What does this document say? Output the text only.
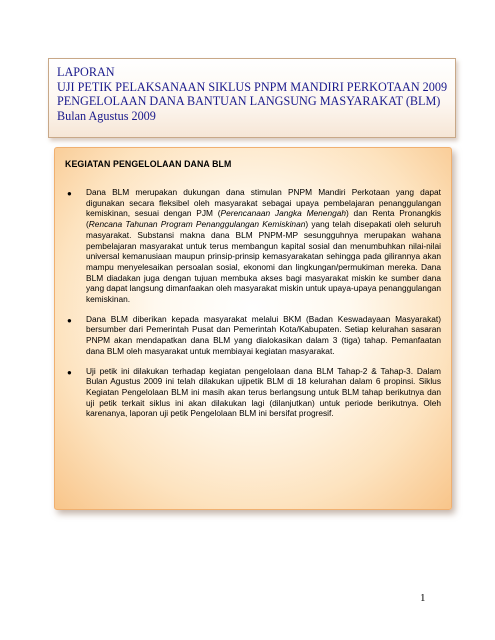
LAPORAN
UJI PETIK PELAKSANAAN SIKLUS PNPM MANDIRI PERKOTAAN 2009
PENGELOLAAN DANA BANTUAN LANGSUNG MASYARAKAT (BLM)
Bulan Agustus 2009
KEGIATAN PENGELOLAAN DANA BLM
● Dana BLM merupakan dukungan dana stimulan PNPM Mandiri Perkotaan yang dapat digunakan secara fleksibel oleh masyarakat sebagai upaya pembelajaran penanggulangan kemiskinan, sesuai dengan PJM (Perencanaan Jangka Menengah) dan Renta Pronangkis (Rencana Tahunan Program Penanggulangan Kemiskinan) yang telah disepakati oleh seluruh masyarakat. Substansi makna dana BLM PNPM-MP sesungguhnya merupakan wahana pembelajaran masyarakat untuk terus membangun kapital sosial dan menumbuhkan nilai-nilai universal kemanusiaan maupun prinsip-prinsip kemasyarakatan sehingga pada gilirannya akan mampu menyelesaikan persoalan sosial, ekonomi dan lingkungan/permukiman mereka. Dana BLM diadakan juga dengan tujuan membuka akses bagi masyarakat miskin ke sumber dana yang dapat langsung dimanfaakan oleh masyarakat miskin untuk upaya-upaya penanggulangan kemiskinan.
● Dana BLM diberikan kepada masyarakat melalui BKM (Badan Keswadayaan Masyarakat) bersumber dari Pemerintah Pusat dan Pemerintah Kota/Kabupaten. Setiap kelurahan sasaran PNPM akan mendapatkan dana BLM yang dialokasikan dalam 3 (tiga) tahap. Pemanfaatan dana BLM oleh masyarakat untuk membiayai kegiatan masyarakat.
● Uji petik ini dilakukan terhadap kegiatan pengelolaan dana BLM Tahap-2 & Tahap-3. Dalam Bulan Agustus 2009 ini telah dilakukan ujipetik BLM di 18 kelurahan dalam 6 propinsi. Siklus Kegiatan Pengelolaan BLM ini masih akan terus berlangsung untuk BLM tahap berikutnya dan uji petik terkait siklus ini akan dilakukan lagi (dilanjutkan) untuk periode berikutnya. Oleh karenanya, laporan uji petik Pengelolaan BLM ini bersifat progresif.
1
